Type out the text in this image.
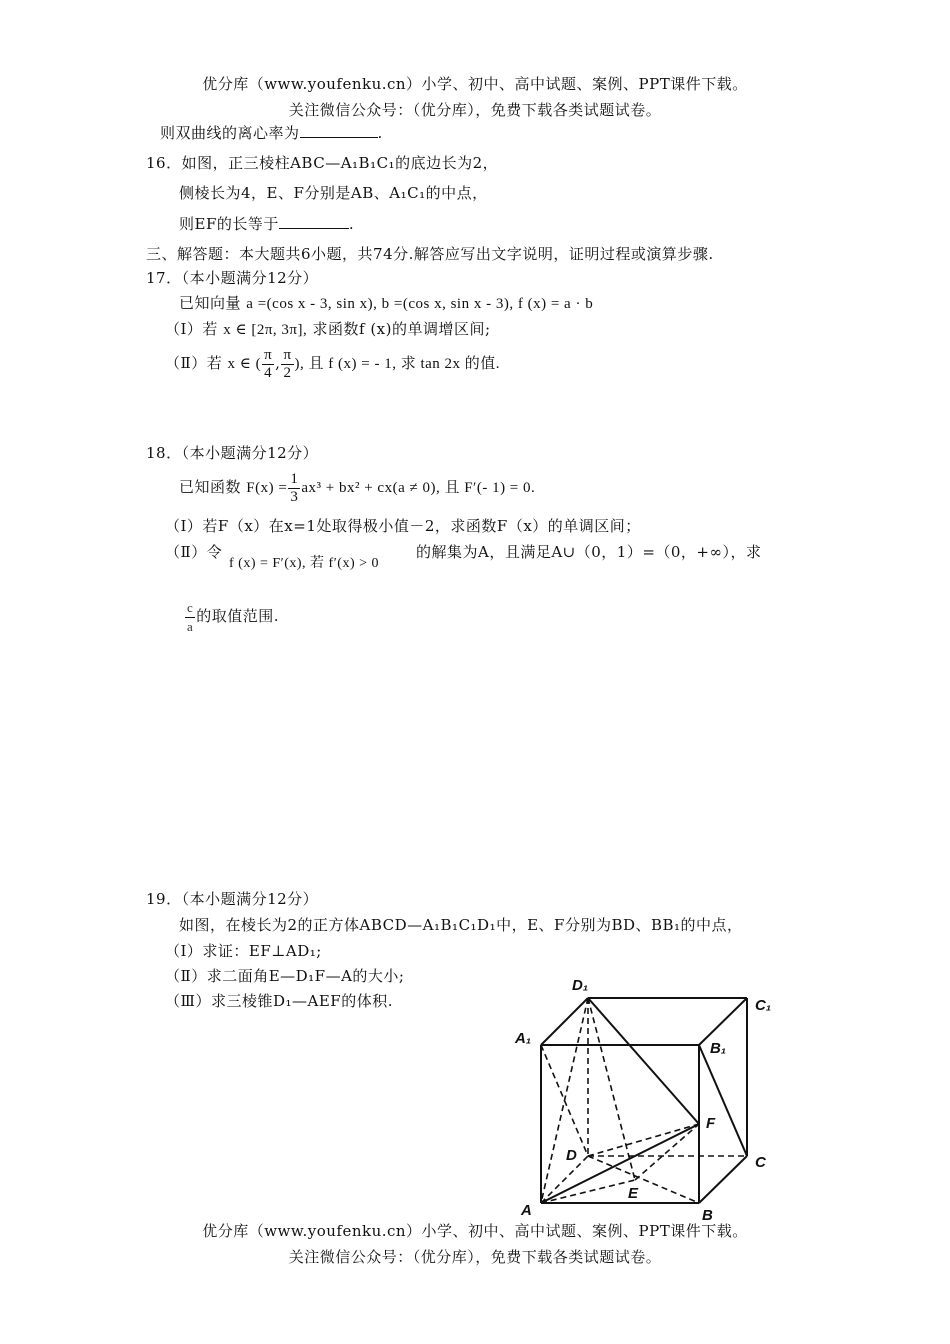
优分库（www.youfenku.cn）小学、初中、高中试题、案例、PPT课件下载。
关注微信公众号：（优分库），免费下载各类试题试卷。
则双曲线的离心率为	.
16．如图，正三棱柱ABC—A₁B₁C₁的底边长为2，
侧棱长为4，E、F分别是AB、A₁C₁的中点，
则EF的长等于	.
三、解答题：本大题共6小题，共74分.解答应写出文字说明，证明过程或演算步骤.
17．（本小题满分12分）
已知向量 a =(cos x - 3, sin x), b =(cos x, sin x - 3), f (x) = a · b
（Ⅰ）若 x ∈ [2π, 3π], 求函数f (x)的单调增区间;
（Ⅱ）若 x ∈ ( $\frac{\pi}{4}$ , $\frac{\pi}{2}$ ), 且 f (x) = - 1, 求 tan 2x 的值.
18．（本小题满分12分）
已知函数 $F(x) = \frac{1}{3} ax^3 + bx^2 + cx(a \ne 0)$, 且 F′(- 1) = 0.
（Ⅰ）若F（x）在x=1处取得极小值－2，求函数F（x）的单调区间；
（Ⅱ）令
f (x) = F′(x), 若 f′(x) > 0
的解集为A，且满足A∪（0，1）=（0，+∞），求
$\frac{c}{a}$ 的取值范围.
19．（本小题满分12分）
如图，在棱长为2的正方体ABCD—A₁B₁C₁D₁中，E、F分别为BD、BB₁的中点，
（Ⅰ）求证：EF⊥AD₁;
（Ⅱ）求二面角E—D₁F—A的大小;
（Ⅲ）求三棱锥D₁—AEF的体积.
D₁
C₁
A₁
B₁
F
D	C
E
A	B
优分库（www.youfenku.cn）小学、初中、高中试题、案例、PPT课件下载。
关注微信公众号：（优分库），免费下载各类试题试卷。
